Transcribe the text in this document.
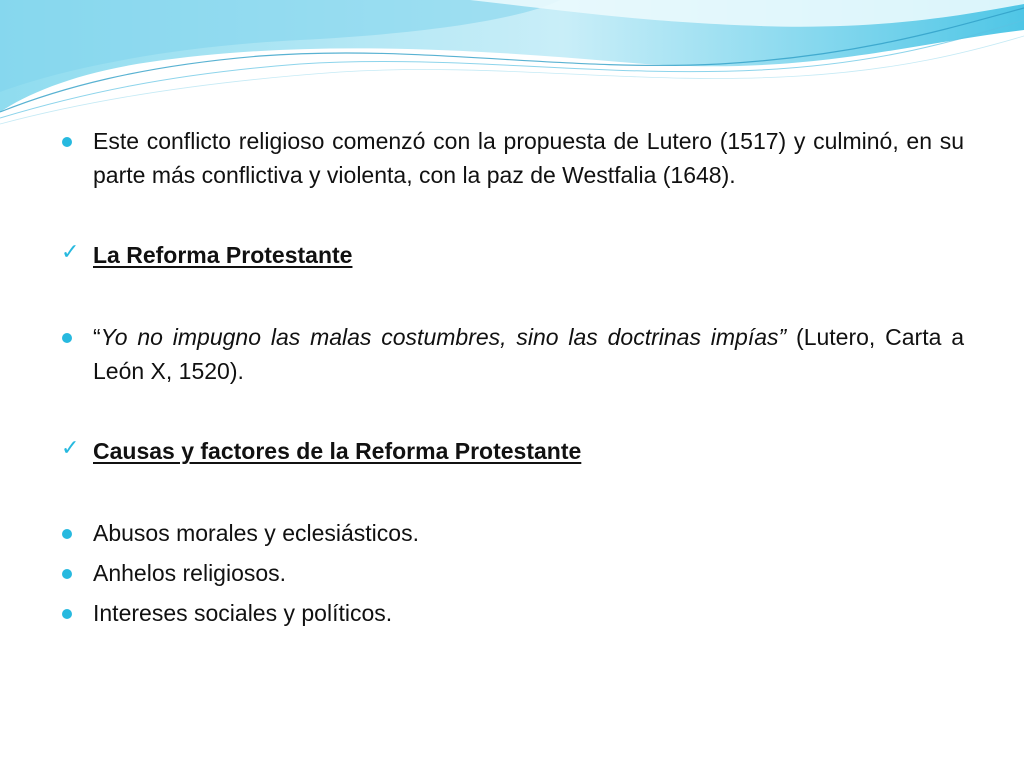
Este conflicto religioso comenzó con la propuesta de Lutero (1517) y culminó, en su parte más conflictiva y violenta, con la paz de Westfalia (1648).
✓ La Reforma Protestante
“Yo no impugno las malas costumbres, sino las doctrinas impías” (Lutero, Carta a León X, 1520).
✓ Causas y factores de la Reforma Protestante
Abusos morales y eclesiásticos.
Anhelos religiosos.
Intereses sociales y políticos.
